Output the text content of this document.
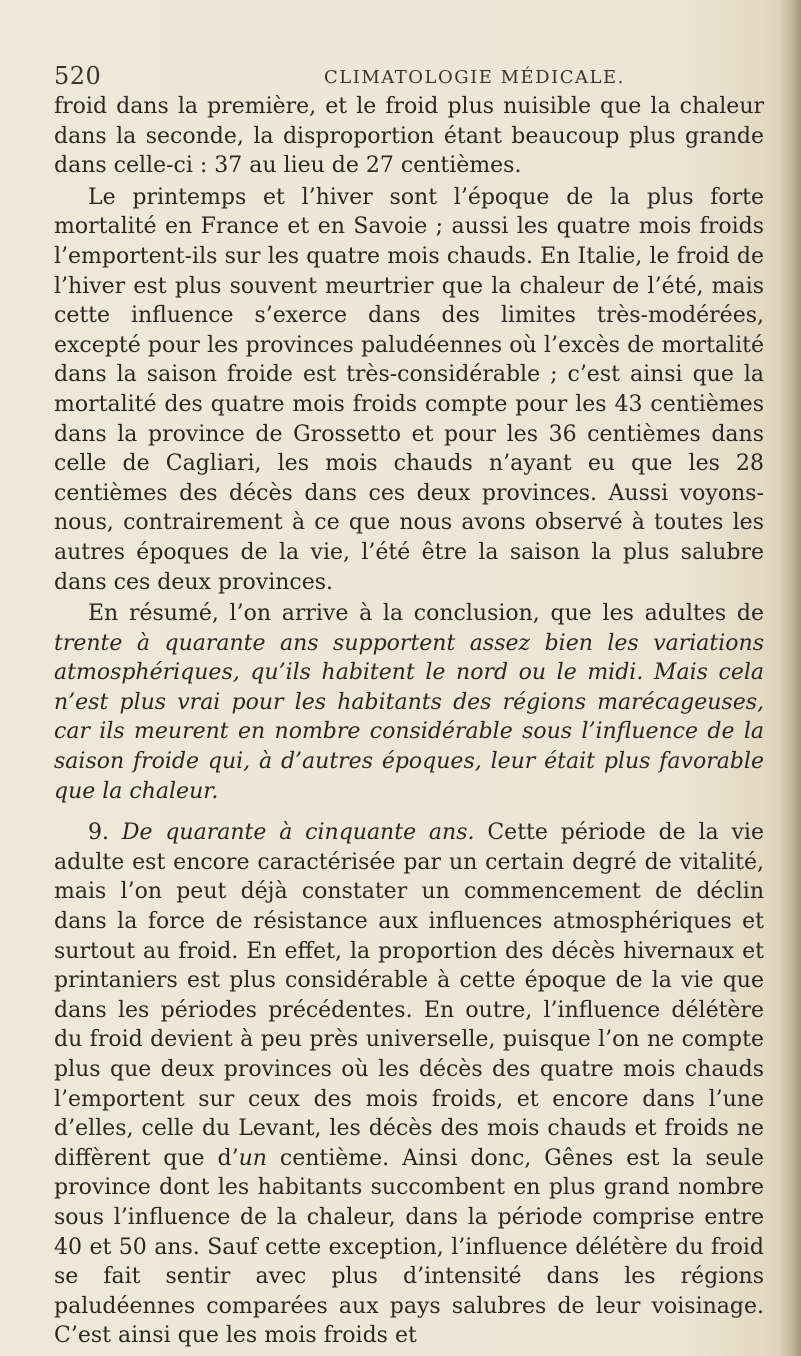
520	CLIMATOLOGIE MÉDICALE.

froid dans la première, et le froid plus nuisible que la chaleur dans la seconde, la disproportion étant beaucoup plus grande dans celle-ci : 37 au lieu de 27 centièmes.

Le printemps et l’hiver sont l’époque de la plus forte mortalité en France et en Savoie ; aussi les quatre mois froids l’emportent-ils sur les quatre mois chauds. En Italie, le froid de l’hiver est plus souvent meurtrier que la chaleur de l’été, mais cette influence s’exerce dans des limites très-modérées, excepté pour les provinces paludéennes où l’excès de mortalité dans la saison froide est très-considérable ; c’est ainsi que la mortalité des quatre mois froids compte pour les 43 centièmes dans la province de Grossetto et pour les 36 centièmes dans celle de Cagliari, les mois chauds n’ayant eu que les 28 centièmes des décès dans ces deux provinces. Aussi voyons-nous, contrairement à ce que nous avons observé à toutes les autres époques de la vie, l’été être la saison la plus salubre dans ces deux provinces.

En résumé, l’on arrive à la conclusion, que les adultes de trente à quarante ans supportent assez bien les variations atmosphériques, qu’ils habitent le nord ou le midi. Mais cela n’est plus vrai pour les habitants des régions marécageuses, car ils meurent en nombre considérable sous l’influence de la saison froide qui, à d’autres époques, leur était plus favorable que la chaleur.

9. De quarante à cinquante ans. Cette période de la vie adulte est encore caractérisée par un certain degré de vitalité, mais l’on peut déjà constater un commencement de déclin dans la force de résistance aux influences atmosphériques et surtout au froid. En effet, la proportion des décès hivernaux et printaniers est plus considérable à cette époque de la vie que dans les périodes précédentes. En outre, l’influence délétère du froid devient à peu près universelle, puisque l’on ne compte plus que deux provinces où les décès des quatre mois chauds l’emportent sur ceux des mois froids, et encore dans l’une d’elles, celle du Levant, les décès des mois chauds et froids ne diffèrent que d’un centième. Ainsi donc, Gênes est la seule province dont les habitants succombent en plus grand nombre sous l’influence de la chaleur, dans la période comprise entre 40 et 50 ans. Sauf cette exception, l’influence délétère du froid se fait sentir avec plus d’intensité dans les régions paludéennes comparées aux pays salubres de leur voisinage. C’est ainsi que les mois froids et
